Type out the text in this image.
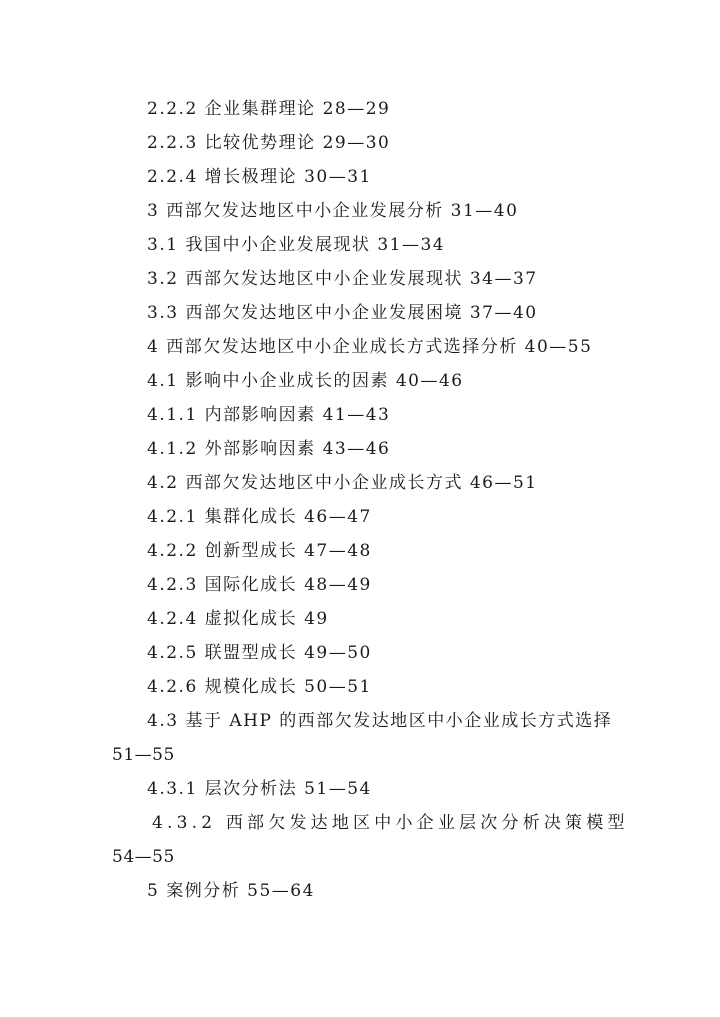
2.2.2 企业集群理论 28—29
2.2.3 比较优势理论 29—30
2.2.4 增长极理论 30—31
3 西部欠发达地区中小企业发展分析 31—40
3.1 我国中小企业发展现状 31—34
3.2 西部欠发达地区中小企业发展现状 34—37
3.3 西部欠发达地区中小企业发展困境 37—40
4 西部欠发达地区中小企业成长方式选择分析 40—55
4.1 影响中小企业成长的因素 40—46
4.1.1 内部影响因素 41—43
4.1.2 外部影响因素 43—46
4.2 西部欠发达地区中小企业成长方式 46—51
4.2.1 集群化成长 46—47
4.2.2 创新型成长 47—48
4.2.3 国际化成长 48—49
4.2.4 虚拟化成长 49
4.2.5 联盟型成长 49—50
4.2.6 规模化成长 50—51
4.3 基于 AHP 的西部欠发达地区中小企业成长方式选择
51—55
4.3.1 层次分析法 51—54
4.3.2 西部欠发达地区中小企业层次分析决策模型
54—55
5 案例分析 55—64
